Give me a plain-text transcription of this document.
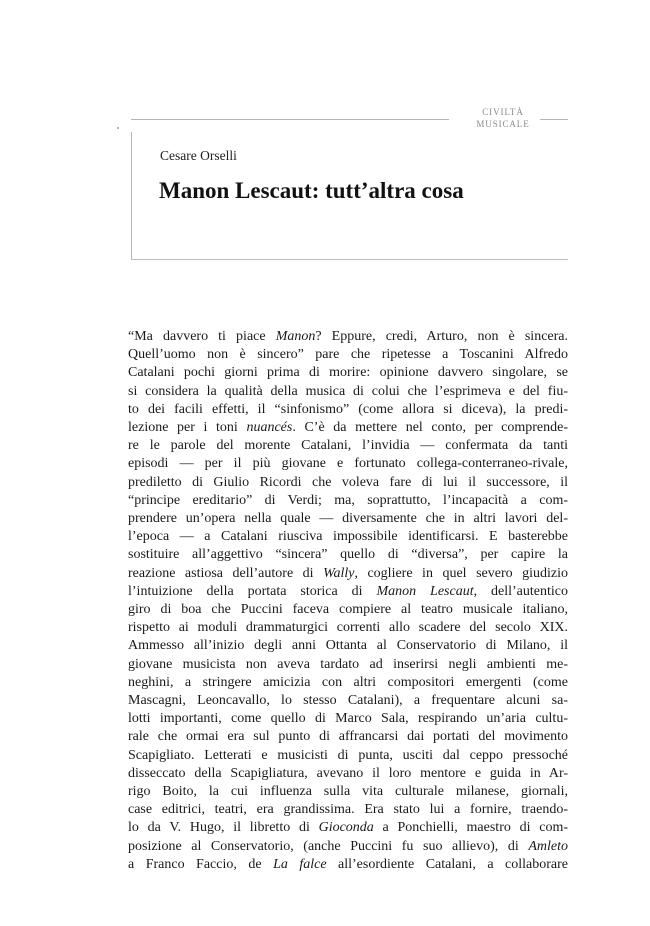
CIVILTÀ
MUSICALE
Cesare Orselli
Manon Lescaut: tutt’altra cosa
“Ma davvero ti piace Manon? Eppure, credi, Arturo, non è sincera.
Quell’uomo non è sincero” pare che ripetesse a Toscanini Alfredo
Catalani pochi giorni prima di morire: opinione davvero singolare, se
si considera la qualità della musica di colui che l’esprimeva e del fiu-
to dei facili effetti, il “sinfonismo” (come allora si diceva), la predi-
lezione per i toni nuancés. C’è da mettere nel conto, per comprende-
re le parole del morente Catalani, l’invidia — confermata da tanti
episodi — per il più giovane e fortunato collega-conterraneo-rivale,
prediletto di Giulio Ricordi che voleva fare di lui il successore, il
“principe ereditario” di Verdi; ma, soprattutto, l’incapacità a com-
prendere un’opera nella quale — diversamente che in altri lavori del-
l’epoca — a Catalani riusciva impossibile identificarsi. E basterebbe
sostituire all’aggettivo “sincera” quello di “diversa”, per capire la
reazione astiosa dell’autore di Wally, cogliere in quel severo giudizio
l’intuizione della portata storica di Manon Lescaut, dell’autentico
giro di boa che Puccini faceva compiere al teatro musicale italiano,
rispetto ai moduli drammaturgici correnti allo scadere del secolo XIX.
Ammesso all’inizio degli anni Ottanta al Conservatorio di Milano, il
giovane musicista non aveva tardato ad inserirsi negli ambienti me-
neghini, a stringere amicizia con altri compositori emergenti (come
Mascagni, Leoncavallo, lo stesso Catalani), a frequentare alcuni sa-
lotti importanti, come quello di Marco Sala, respirando un’aria cultu-
rale che ormai era sul punto di affrancarsi dai portati del movimento
Scapigliato. Letterati e musicisti di punta, usciti dal ceppo pressoché
disseccato della Scapigliatura, avevano il loro mentore e guida in Ar-
rigo Boito, la cui influenza sulla vita culturale milanese, giornali,
case editrici, teatri, era grandissima. Era stato lui a fornire, traendo-
lo da V. Hugo, il libretto di Gioconda a Ponchielli, maestro di com-
posizione al Conservatorio, (anche Puccini fu suo allievo), di Amleto
a Franco Faccio, de La falce all’esordiente Catalani, a collaborare
